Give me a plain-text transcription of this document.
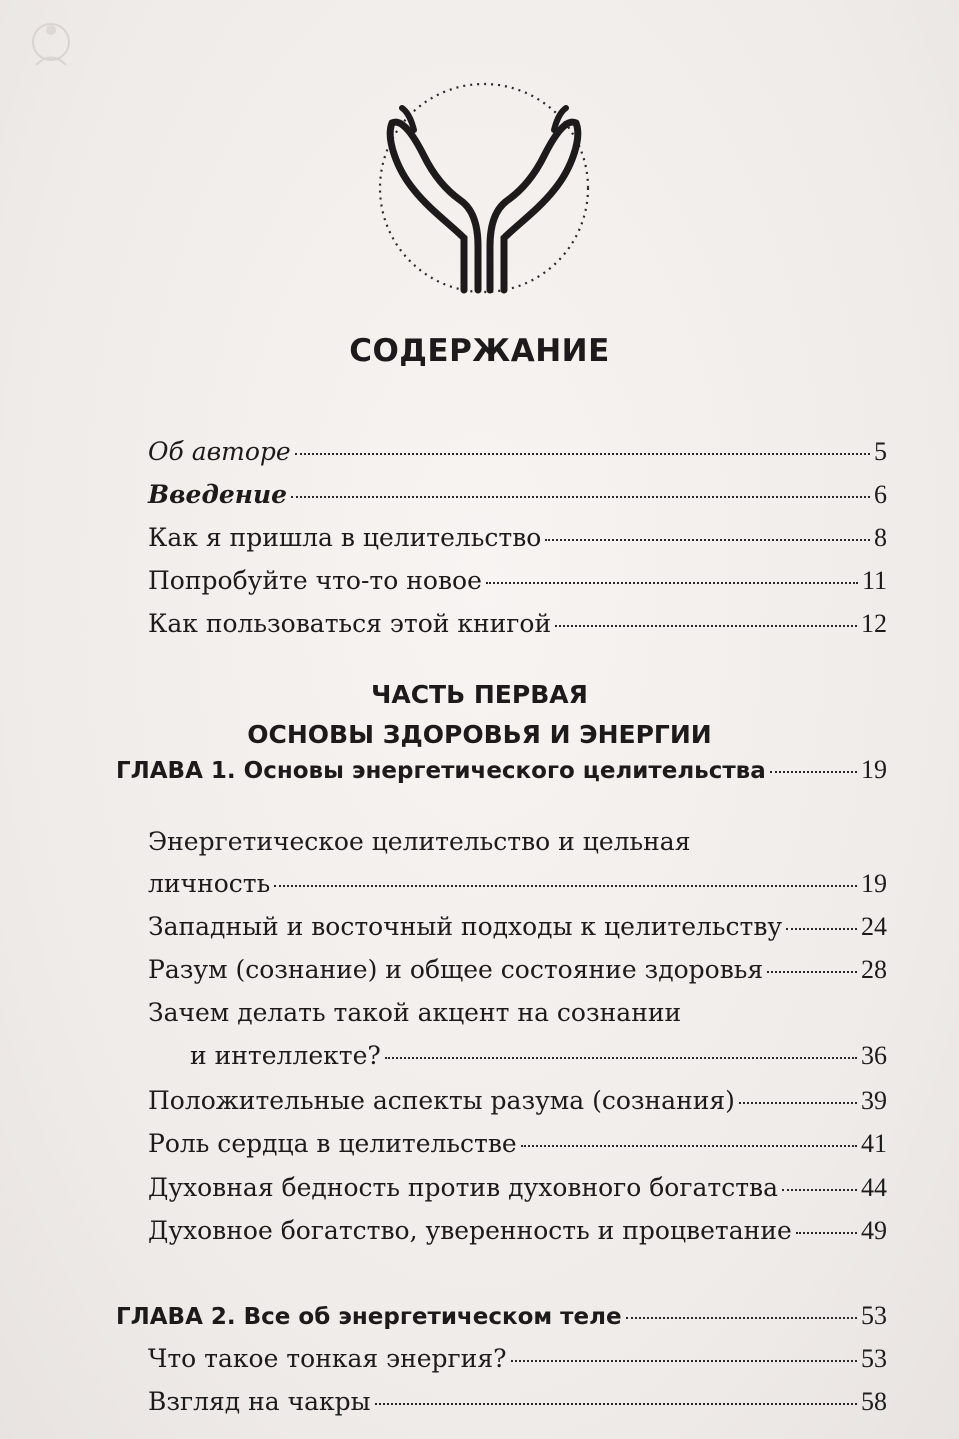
СОДЕРЖАНИЕ
Об авторе	5
Введение	6
Как я пришла в целительство	8
Попробуйте что-то новое	11
Как пользоваться этой книгой	12
ЧАСТЬ ПЕРВАЯ
ОСНОВЫ ЗДОРОВЬЯ И ЭНЕРГИИ
ГЛАВА 1. Основы энергетического целительства	19
Энергетическое целительство и цельная
личность	19
Западный и восточный подходы к целительству	24
Разум (сознание) и общее состояние здоровья	28
Зачем делать такой акцент на сознании
и интеллекте?	36
Положительные аспекты разума (сознания)	39
Роль сердца в целительстве	41
Духовная бедность против духовного богатства	44
Духовное богатство, уверенность и процветание	49
ГЛАВА 2. Все об энергетическом теле	53
Что такое тонкая энергия?	53
Взгляд на чакры	58
